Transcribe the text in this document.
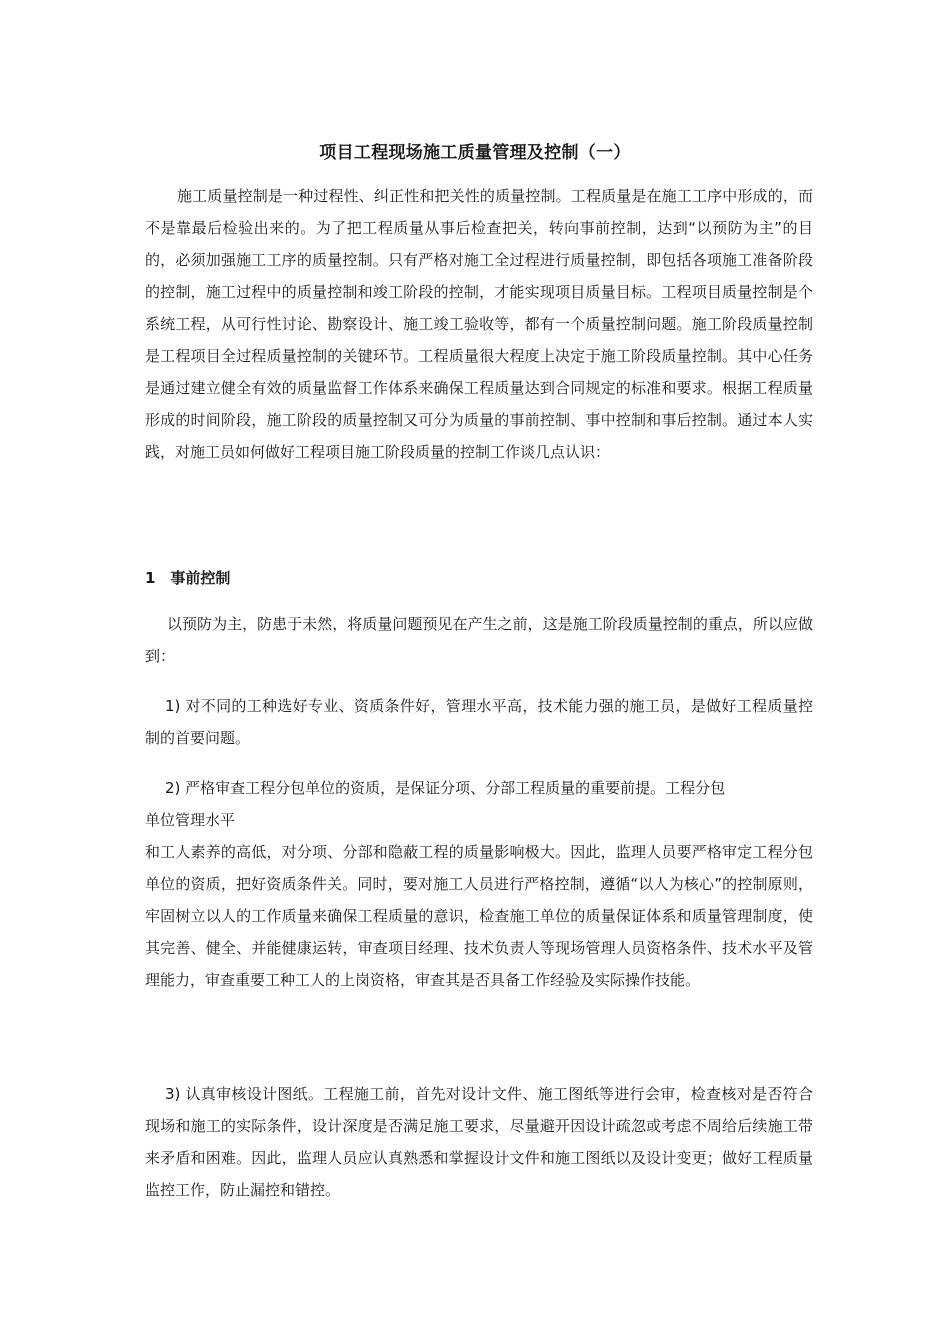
项目工程现场施工质量管理及控制（一）

施工质量控制是一种过程性、纠正性和把关性的质量控制。工程质量是在施工工序中形成的，而不是靠最后检验出来的。为了把工程质量从事后检查把关，转向事前控制，达到“以预防为主”的目的，必须加强施工工序的质量控制。只有严格对施工全过程进行质量控制，即包括各项施工准备阶段的控制，施工过程中的质量控制和竣工阶段的控制，才能实现项目质量目标。工程项目质量控制是个系统工程，从可行性讨论、勘察设计、施工竣工验收等，都有一个质量控制问题。施工阶段质量控制是工程项目全过程质量控制的关键环节。工程质量很大程度上决定于施工阶段质量控制。其中心任务是通过建立健全有效的质量监督工作体系来确保工程质量达到合同规定的标准和要求。根据工程质量形成的时间阶段，施工阶段的质量控制又可分为质量的事前控制、事中控制和事后控制。通过本人实践，对施工员如何做好工程项目施工阶段质量的控制工作谈几点认识：

1　事前控制

以预防为主，防患于未然，将质量问题预见在产生之前，这是施工阶段质量控制的重点，所以应做到：

1) 对不同的工种选好专业、资质条件好，管理水平高，技术能力强的施工员，是做好工程质量控制的首要问题。

2) 严格审查工程分包单位的资质，是保证分项、分部工程质量的重要前提。工程分包

单位管理水平

和工人素养的高低，对分项、分部和隐蔽工程的质量影响极大。因此，监理人员要严格审定工程分包单位的资质，把好资质条件关。同时，要对施工人员进行严格控制，遵循“以人为核心”的控制原则，牢固树立以人的工作质量来确保工程质量的意识，检查施工单位的质量保证体系和质量管理制度，使其完善、健全、并能健康运转，审查项目经理、技术负责人等现场管理人员资格条件、技术水平及管理能力，审查重要工种工人的上岗资格，审查其是否具备工作经验及实际操作技能。

3) 认真审核设计图纸。工程施工前，首先对设计文件、施工图纸等进行会审，检查核对是否符合现场和施工的实际条件，设计深度是否满足施工要求，尽量避开因设计疏忽或考虑不周给后续施工带来矛盾和困难。因此，监理人员应认真熟悉和掌握设计文件和施工图纸以及设计变更；做好工程质量监控工作，防止漏控和错控。
